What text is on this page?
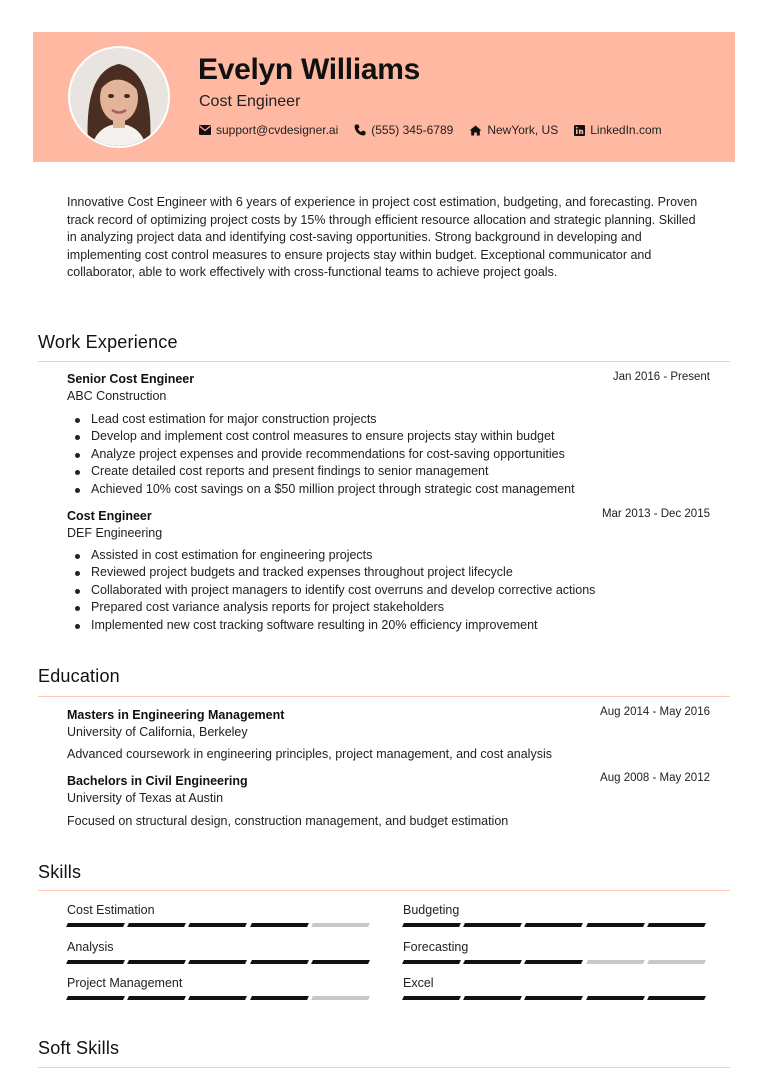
Evelyn Williams
Cost Engineer
support@cvdesigner.ai	(555) 345-6789	NewYork, US	LinkedIn.com

Innovative Cost Engineer with 6 years of experience in project cost estimation, budgeting, and forecasting. Proven track record of optimizing project costs by 15% through efficient resource allocation and strategic planning. Skilled in analyzing project data and identifying cost-saving opportunities. Strong background in developing and implementing cost control measures to ensure projects stay within budget. Exceptional communicator and collaborator, able to work effectively with cross-functional teams to achieve project goals.

Work Experience
Senior Cost Engineer	Jan 2016 - Present
ABC Construction
Lead cost estimation for major construction projects
Develop and implement cost control measures to ensure projects stay within budget
Analyze project expenses and provide recommendations for cost-saving opportunities
Create detailed cost reports and present findings to senior management
Achieved 10% cost savings on a $50 million project through strategic cost management
Cost Engineer	Mar 2013 - Dec 2015
DEF Engineering
Assisted in cost estimation for engineering projects
Reviewed project budgets and tracked expenses throughout project lifecycle
Collaborated with project managers to identify cost overruns and develop corrective actions
Prepared cost variance analysis reports for project stakeholders
Implemented new cost tracking software resulting in 20% efficiency improvement
Education
Masters in Engineering Management	Aug 2014 - May 2016
University of California, Berkeley
Advanced coursework in engineering principles, project management, and cost analysis
Bachelors in Civil Engineering	Aug 2008 - May 2012
University of Texas at Austin
Focused on structural design, construction management, and budget estimation
Skills
Cost Estimation	Budgeting
Analysis	Forecasting
Project Management	Excel
Soft Skills
